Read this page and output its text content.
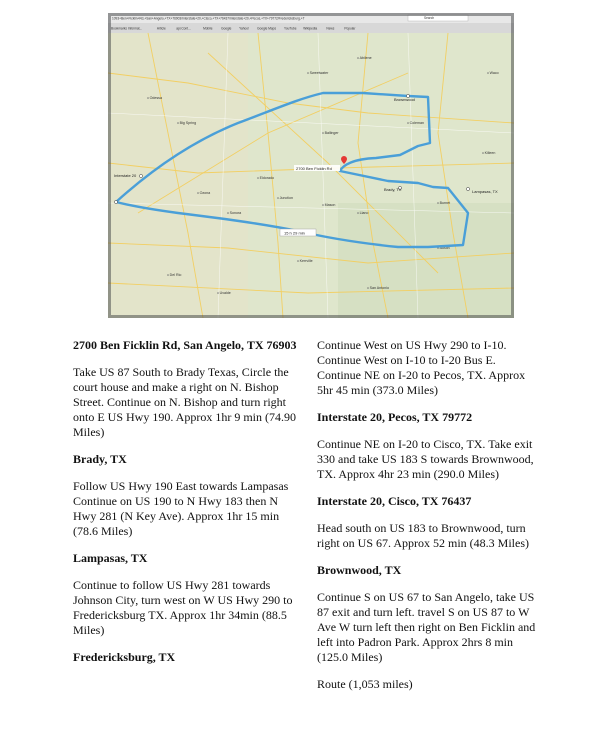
1093+Ben+Ficklin+Rd,+San+Angelo,+TX+76903/Interstate+20,+Cisco,+TX+76437/Interstate+20,+Pecos,+TX+79772/Fredericksburg,+T	Search
Bookmarks Informat...	Article	api.Cont...	Mobile	Google Yahoo!	Google Maps YouTube Wikipedia	News	Popular
Odessa
Big Spring
Abilene
Sweetwater
Sonora
Junction
Llano
Del Rio
Uvalde
Kerrville
Austin
San Antonio
Waco
Killeen
Ozona
Eldorado
Mason	Burnet
Coleman
Ballinger
2700 Ben Ficklin Rd
Brady, TX	Lampasas, TX
Brownwood
Interstate 20
15 h 29 min
2700 Ben Ficklin Rd, San Angelo, TX 76903
Take US 87 South to Brady Texas, Circle the court house and make a right on N. Bishop Street. Continue on N. Bishop and turn right onto E US Hwy 190. Approx 1hr 9 min (74.90 Miles)
Brady, TX
Follow US Hwy 190 East towards Lampasas Continue on US 190 to N Hwy 183 then N Hwy 281 (N Key Ave). Approx 1hr 15 min (78.6 Miles)
Lampasas, TX
Continue to follow US Hwy 281 towards Johnson City, turn west on W US Hwy 290 to Fredericksburg TX. Approx 1hr 34min (88.5 Miles)
Fredericksburg, TX
Continue West on US Hwy 290 to I-10. Continue West on I-10 to I-20 Bus E. Continue NE on I-20 to Pecos, TX. Approx 5hr 45 min (373.0 Miles)
Interstate 20, Pecos, TX 79772
Continue NE on I-20 to Cisco, TX. Take exit 330 and take US 183 S towards Brownwood, TX. Approx 4hr 23 min (290.0 Miles)
Interstate 20, Cisco, TX 76437
Head south on US 183 to Brownwood, turn right on US 67. Approx 52 min (48.3 Miles)
Brownwood, TX
Continue S on US 67 to San Angelo, take US 87 exit and turn left. travel S on US 87 to W Ave W turn left then right on Ben Ficklin and left into Padron Park. Approx 2hrs 8 min (125.0 Miles)
Route (1,053 miles)
